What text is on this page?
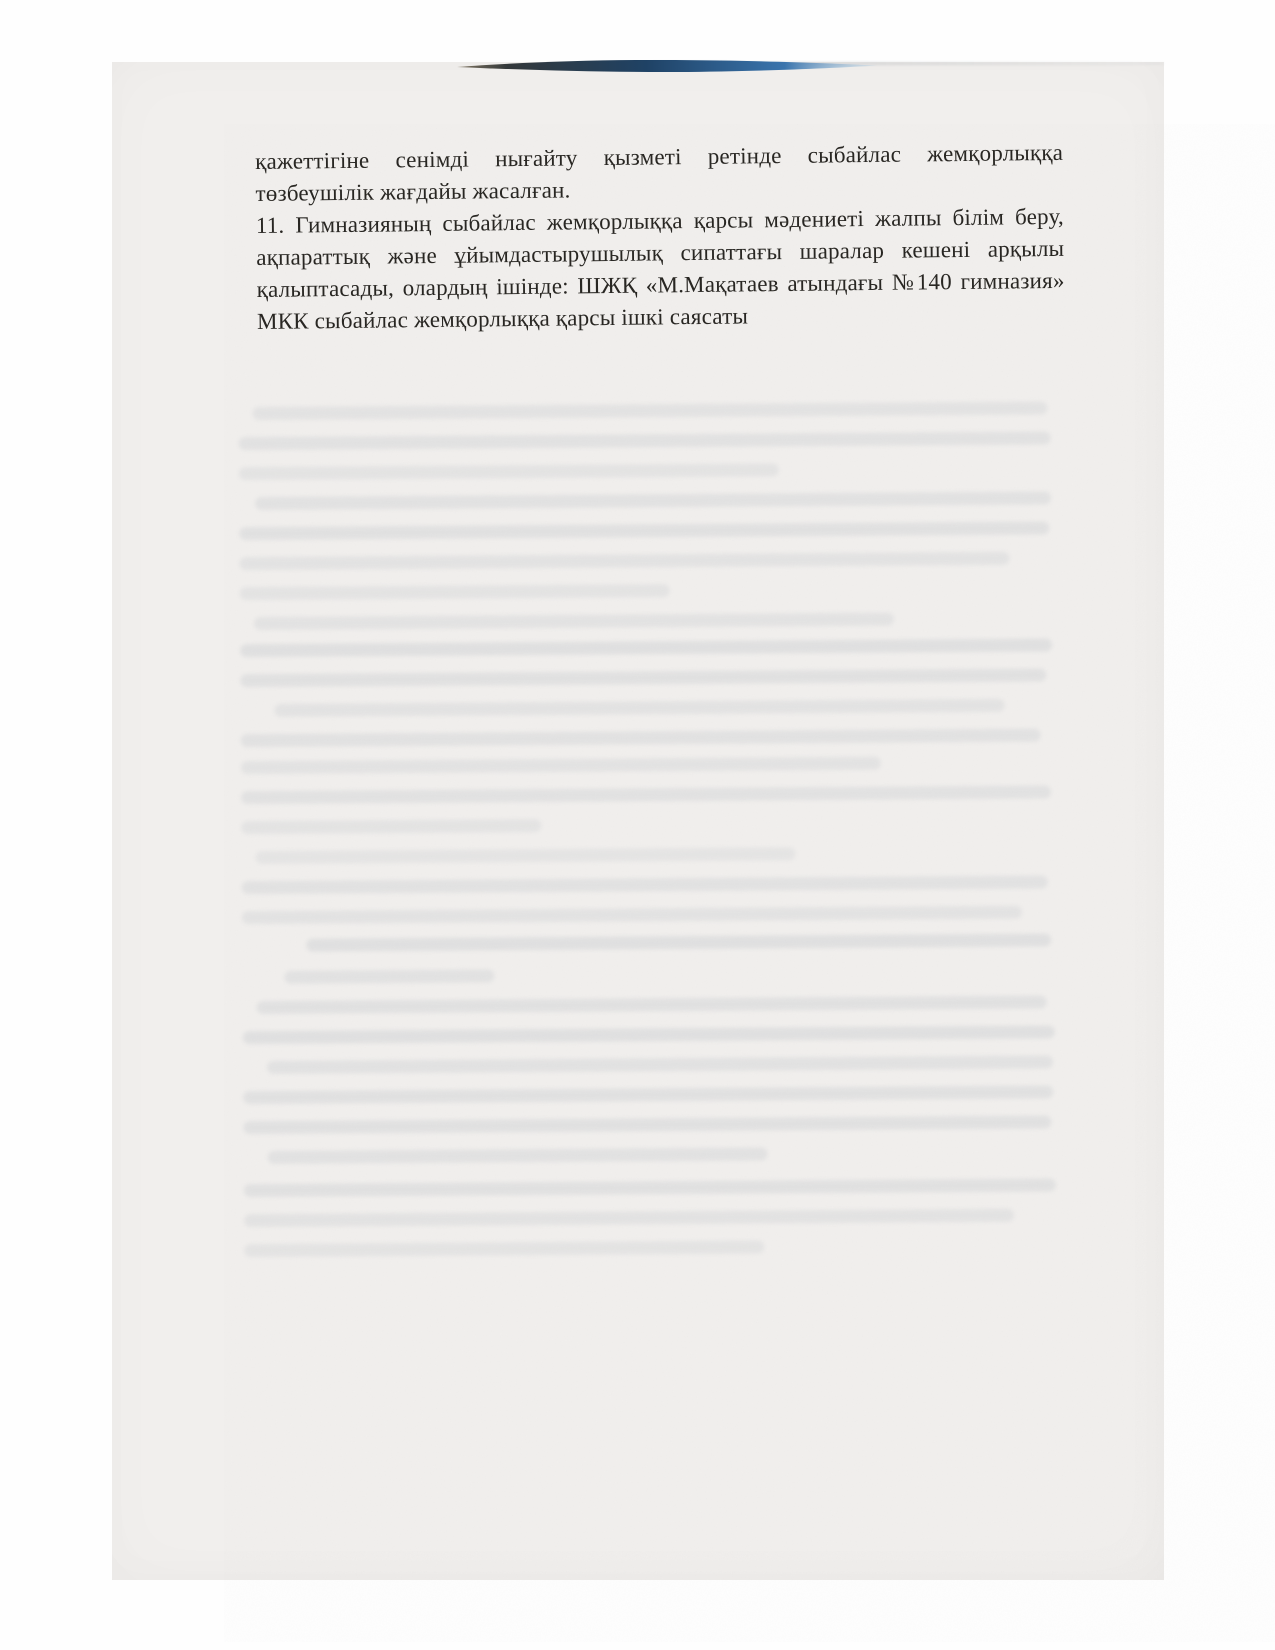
қажеттігіне сенімді нығайту қызметі ретінде сыбайлас жемқорлыққа
төзбеушілік жағдайы жасалған.
11. Гимназияның сыбайлас жемқорлыққа қарсы мәдениеті жалпы білім беру,
ақпараттық және ұйымдастырушылық сипаттағы шаралар кешені арқылы
қалыптасады, олардың ішінде: ШЖҚ «М.Мақатаев атындағы №140 гимназия»
МКК сыбайлас жемқорлыққа қарсы ішкі саясаты
